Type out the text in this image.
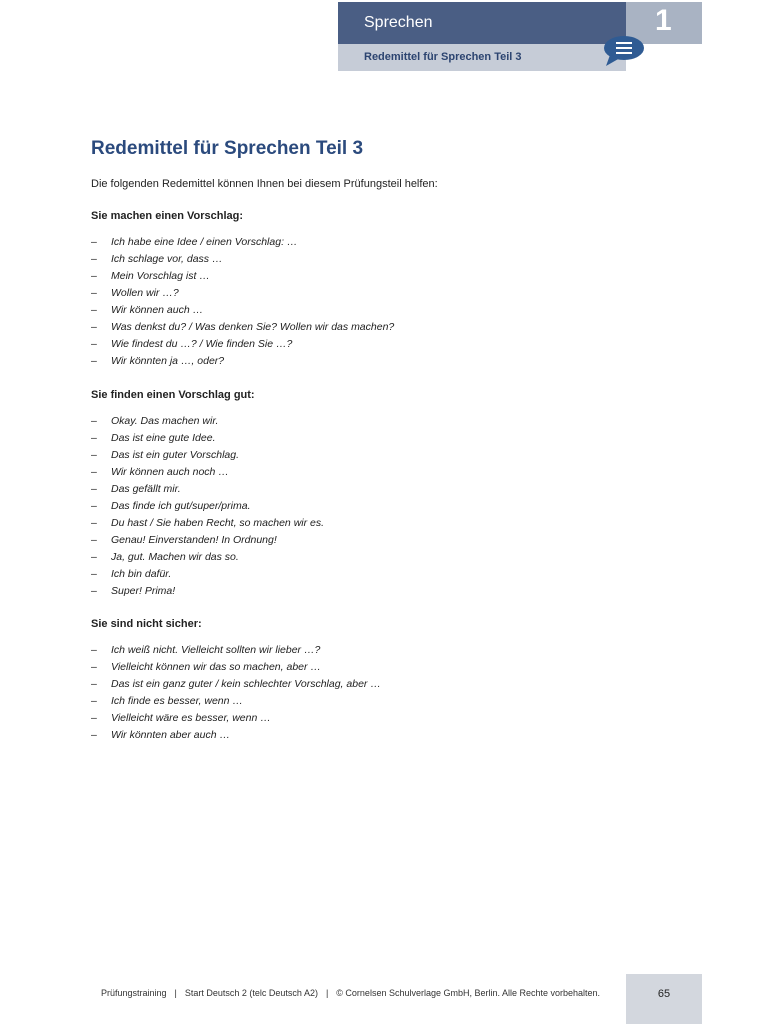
Sprechen	1
Redemittel für Sprechen Teil 3
Redemittel für Sprechen Teil 3
Die folgenden Redemittel können Ihnen bei diesem Prüfungsteil helfen:
Sie machen einen Vorschlag:
– Ich habe eine Idee / einen Vorschlag: …
– Ich schlage vor, dass …
– Mein Vorschlag ist …
– Wollen wir …?
– Wir können auch …
– Was denkst du? / Was denken Sie? Wollen wir das machen?
– Wie findest du …? / Wie finden Sie …?
– Wir könnten ja …, oder?
Sie finden einen Vorschlag gut:
– Okay. Das machen wir.
– Das ist eine gute Idee.
– Das ist ein guter Vorschlag.
– Wir können auch noch …
– Das gefällt mir.
– Das finde ich gut/super/prima.
– Du hast / Sie haben Recht, so machen wir es.
– Genau! Einverstanden! In Ordnung!
– Ja, gut. Machen wir das so.
– Ich bin dafür.
– Super! Prima!
Sie sind nicht sicher:
– Ich weiß nicht. Vielleicht sollten wir lieber …?
– Vielleicht können wir das so machen, aber …
– Das ist ein ganz guter / kein schlechter Vorschlag, aber …
– Ich finde es besser, wenn …
– Vielleicht wäre es besser, wenn …
– Wir könnten aber auch …
Prüfungstraining | Start Deutsch 2 (telc Deutsch A2) | © Cornelsen Schulverlage GmbH, Berlin. Alle Rechte vorbehalten.	65
